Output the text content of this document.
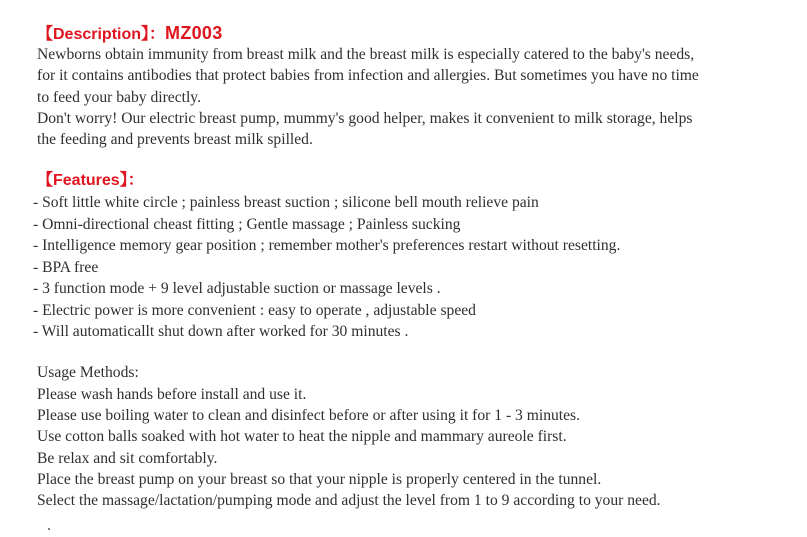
【Description】：MZ003

Newborns obtain immunity from breast milk and the breast milk is especially catered to the baby's needs,
for it contains antibodies that protect babies from infection and allergies. But sometimes you have no time
to feed your baby directly.

Don't worry! Our electric breast pump, mummy's good helper, makes it convenient to milk storage, helps
the feeding and prevents breast milk spilled.

【Features】：
- Soft little white circle ; painless breast suction ; silicone bell mouth relieve pain
- Omni-directional cheast fitting ; Gentle massage ; Painless sucking
- Intelligence memory gear position ; remember mother's preferences restart without resetting.
- BPA free
- 3 function mode + 9 level adjustable suction or massage levels .
- Electric power is more convenient : easy to operate , adjustable speed
- Will automaticallt shut down after worked for 30 minutes .
Usage Methods:
Please wash hands before install and use it.
Please use boiling water to clean and disinfect before or after using it for 1 - 3 minutes.
Use cotton balls soaked with hot water to heat the nipple and mammary aureole first.
Be relax and sit comfortably.
Place the breast pump on your breast so that your nipple is properly centered in the tunnel.
Select the massage/lactation/pumping mode and adjust the level from 1 to 9 according to your need.
